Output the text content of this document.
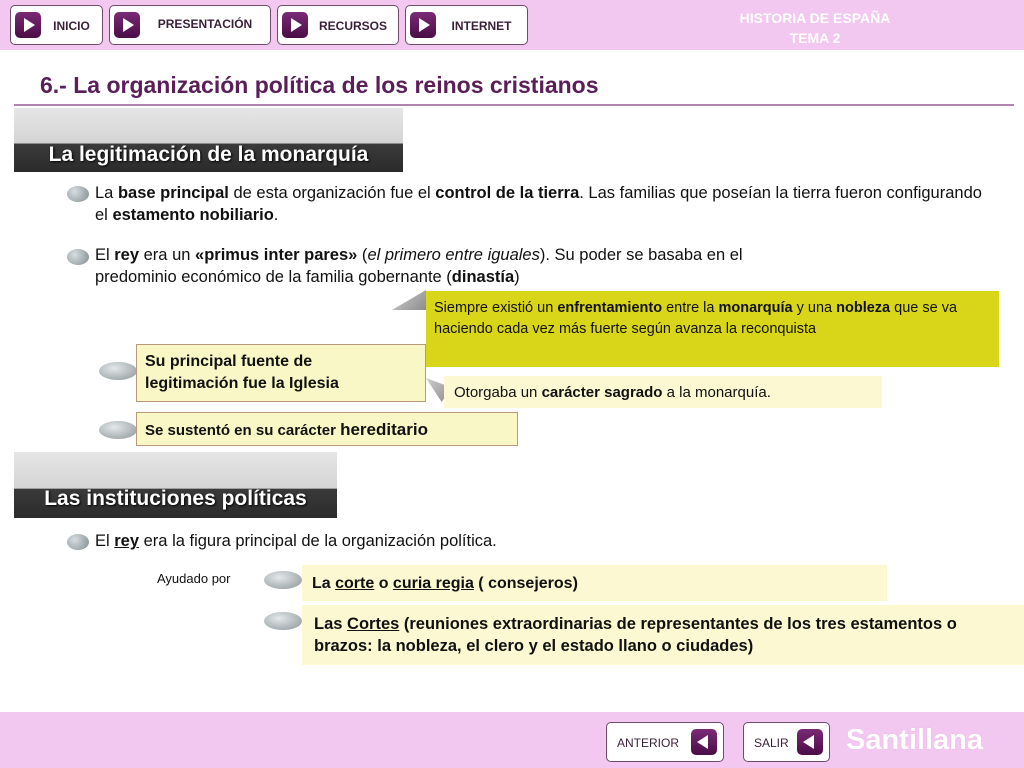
INICIO	PRESENTACIÓN	RECURSOS	INTERNET	HISTORIA DE ESPAÑA
TEMA 2
6.- La organización política de los reinos cristianos
La legitimación de la monarquía
La base principal de esta organización fue el control de la tierra. Las familias que poseían la tierra fueron configurando el estamento nobiliario.
El rey era un «primus inter pares» (el primero entre iguales). Su poder se basaba en el predominio económico de la familia gobernante (dinastía)
Siempre existió un enfrentamiento entre la monarquía y una nobleza que se va haciendo cada vez más fuerte según avanza la reconquista
Su principal fuente de legitimación fue la Iglesia
Otorgaba un carácter sagrado a la monarquía.
Se sustentó en su carácter hereditario
Las instituciones políticas
El rey era la figura principal de la organización política.
Ayudado por	La corte o curia regia ( consejeros)
Las Cortes (reuniones extraordinarias de representantes de los tres estamentos o brazos: la nobleza, el clero y el estado llano o ciudades)
ANTERIOR	SALIR Santillana
